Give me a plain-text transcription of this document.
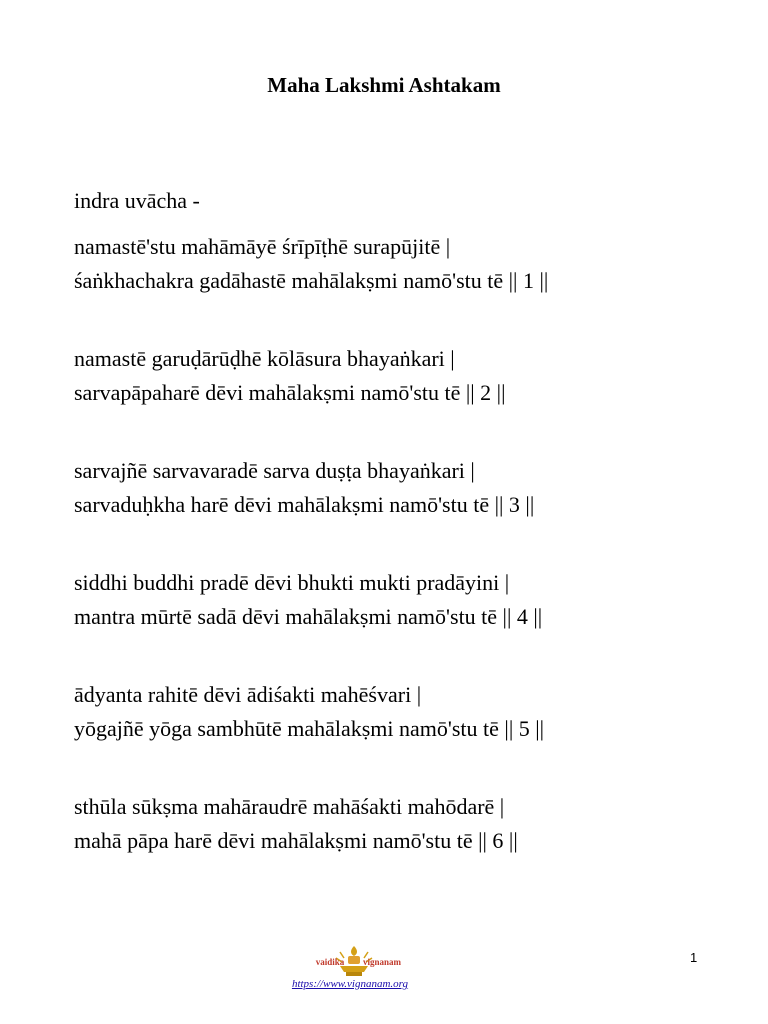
Maha Lakshmi Ashtakam
indra uvācha -
namastē'stu mahāmāyē śrīpīṭhē surapūjitē |
śaṅkhachakra gadāhastē mahālakṣmi namō'stu tē || 1 ||
namastē garuḍārūḍhē kōlāsura bhayaṅkari |
sarvapāpaharē dēvi mahālakṣmi namō'stu tē || 2 ||
sarvajñē sarvavaradē sarva duṣṭa bhayaṅkari |
sarvaduḥkha harē dēvi mahālakṣmi namō'stu tē || 3 ||
siddhi buddhi pradē dēvi bhukti mukti pradāyini |
mantra mūrtē sadā dēvi mahālakṣmi namō'stu tē || 4 ||
ādyanta rahitē dēvi ādiśakti mahēśvari |
yōgajñē yōga sambhūtē mahālakṣmi namō'stu tē || 5 ||
sthūla sūkṣma mahāraudrē mahāśakti mahōdarē |
mahā pāpa harē dēvi mahālakṣmi namō'stu tē || 6 ||
vaidika vignanam
https://www.vignanam.org
1
